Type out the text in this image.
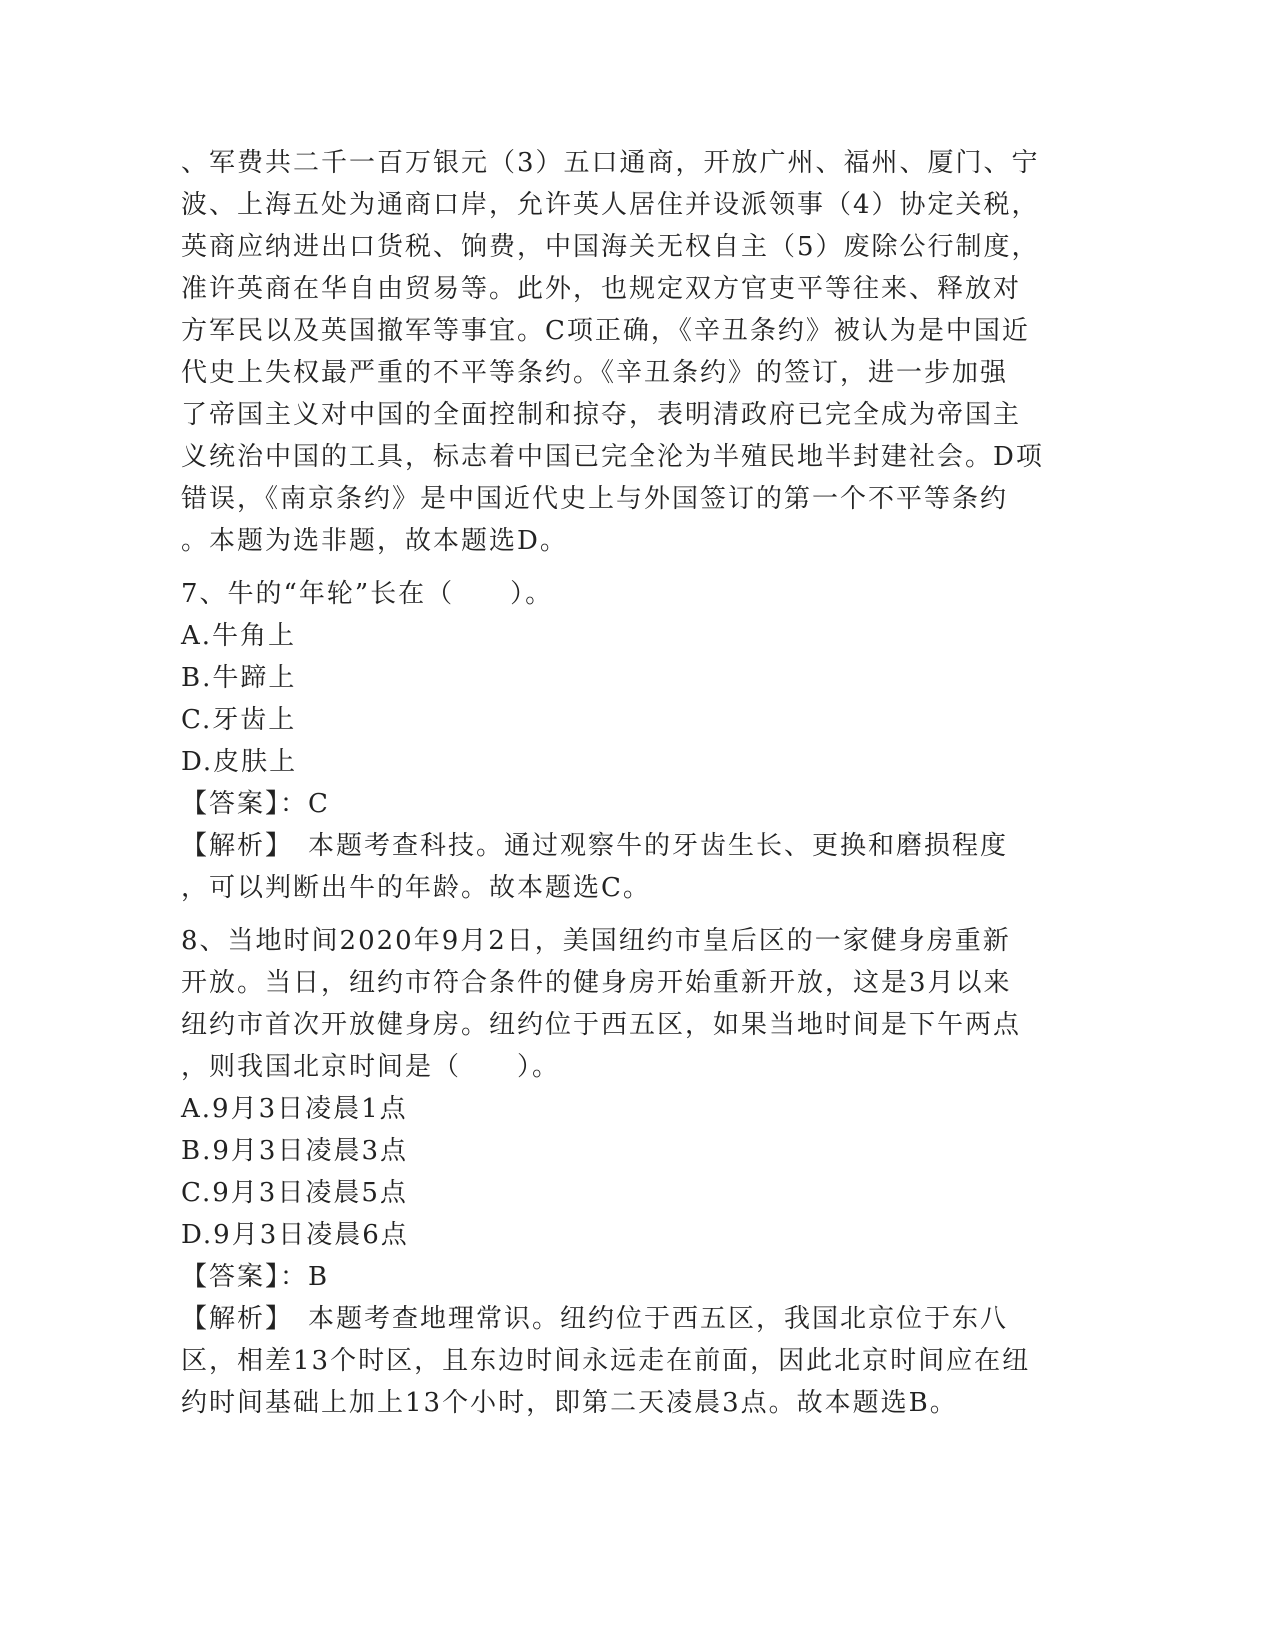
、军费共二千一百万银元（3）五口通商，开放广州、福州、厦门、宁
波、上海五处为通商口岸，允许英人居住并设派领事（4）协定关税，
英商应纳进出口货税、饷费，中国海关无权自主（5）废除公行制度，
准许英商在华自由贸易等。此外，也规定双方官吏平等往来、释放对
方军民以及英国撤军等事宜。C项正确，《辛丑条约》被认为是中国近
代史上失权最严重的不平等条约。《辛丑条约》的签订，进一步加强
了帝国主义对中国的全面控制和掠夺，表明清政府已完全成为帝国主
义统治中国的工具，标志着中国已完全沦为半殖民地半封建社会。D项
错误，《南京条约》是中国近代史上与外国签订的第一个不平等条约
。本题为选非题，故本题选D。
7、牛的“年轮”长在（　　）。
A.牛角上
B.牛蹄上
C.牙齿上
D.皮肤上
【答案】：C
【解析】　本题考查科技。通过观察牛的牙齿生长、更换和磨损程度
，可以判断出牛的年龄。故本题选C。
8、当地时间2020年9月2日，美国纽约市皇后区的一家健身房重新
开放。当日，纽约市符合条件的健身房开始重新开放，这是3月以来
纽约市首次开放健身房。纽约位于西五区，如果当地时间是下午两点
，则我国北京时间是（　　）。
A.9月3日凌晨1点
B.9月3日凌晨3点
C.9月3日凌晨5点
D.9月3日凌晨6点
【答案】：B
【解析】　本题考查地理常识。纽约位于西五区，我国北京位于东八
区，相差13个时区，且东边时间永远走在前面，因此北京时间应在纽
约时间基础上加上13个小时，即第二天凌晨3点。故本题选B。
